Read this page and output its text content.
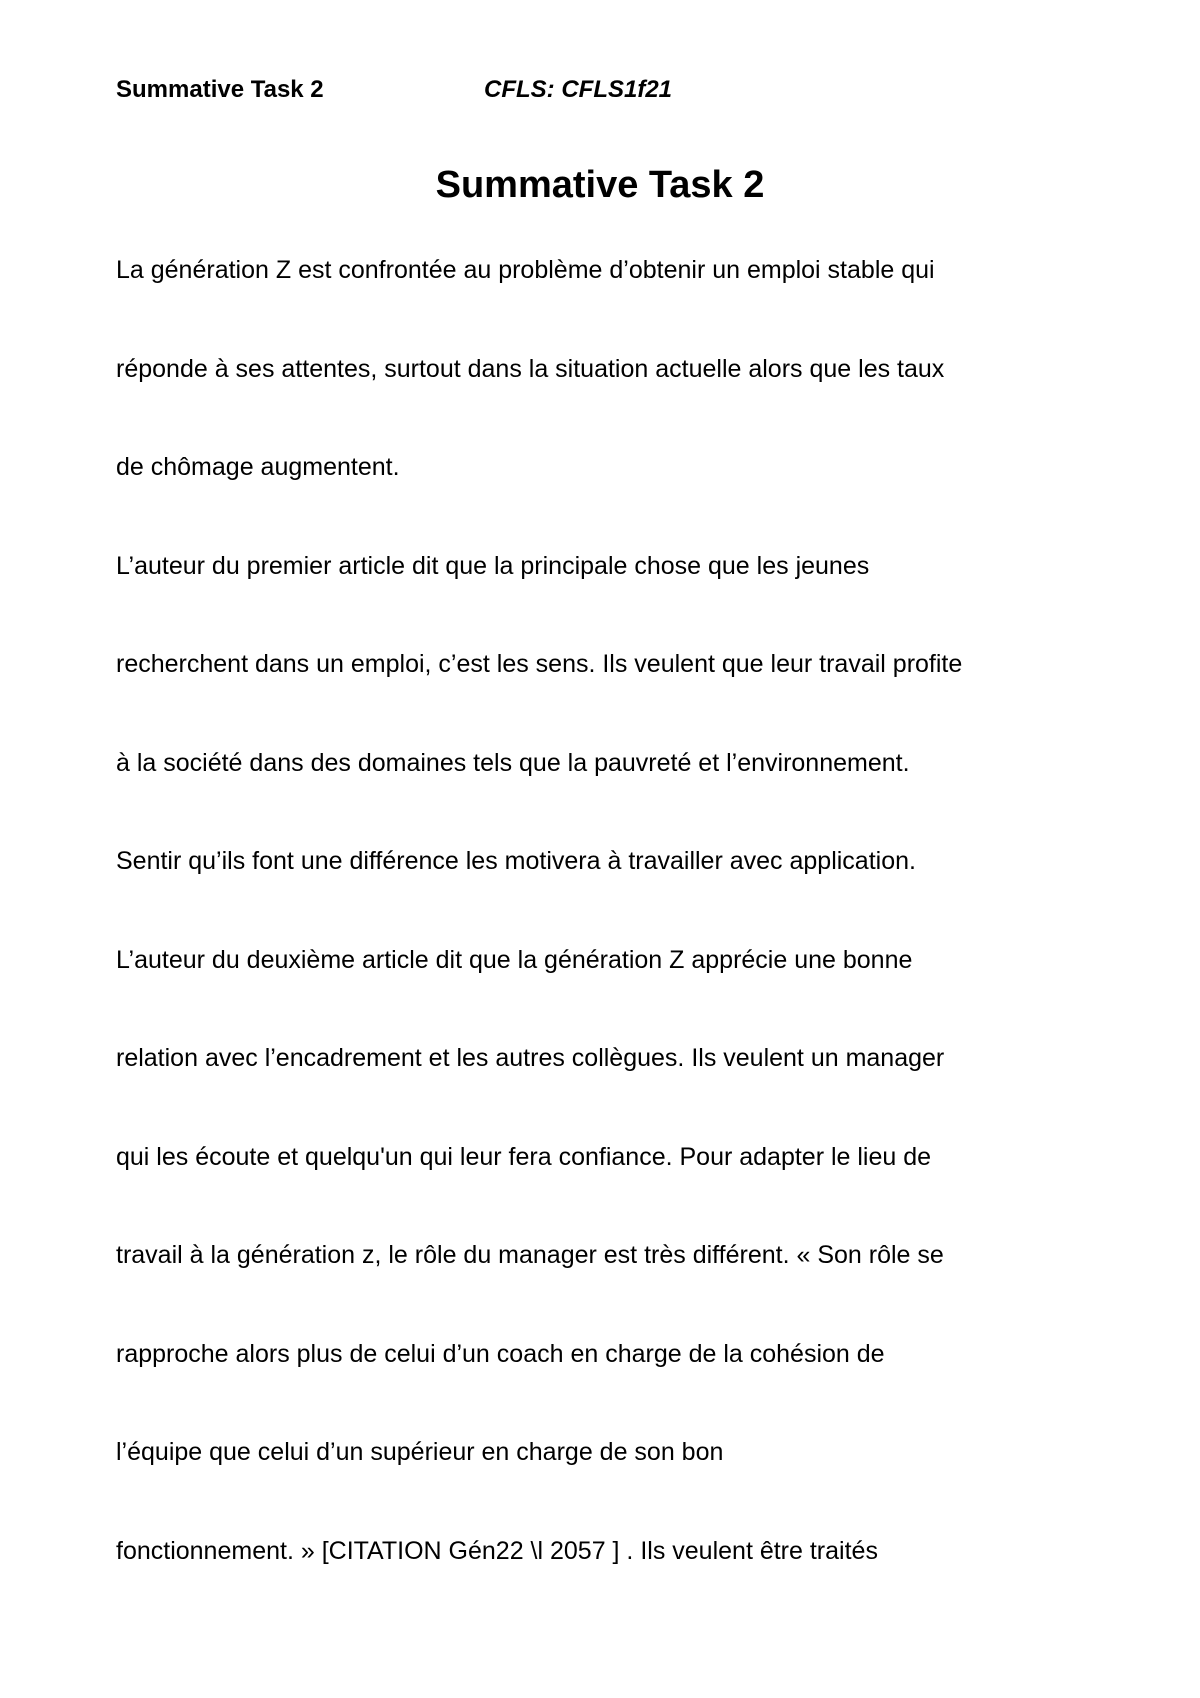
Summative Task 2	CFLS: CFLS1f21
Summative Task 2
La génération Z est confrontée au problème d’obtenir un emploi stable qui
réponde à ses attentes, surtout dans la situation actuelle alors que les taux
de chômage augmentent.
L’auteur du premier article dit que la principale chose que les jeunes
recherchent dans un emploi, c’est les sens. Ils veulent que leur travail profite
à la société dans des domaines tels que la pauvreté et l’environnement.
Sentir qu’ils font une différence les motivera à travailler avec application.
L’auteur du deuxième article dit que la génération Z apprécie une bonne
relation avec l’encadrement et les autres collègues. Ils veulent un manager
qui les écoute et quelqu'un qui leur fera confiance. Pour adapter le lieu de
travail à la génération z, le rôle du manager est très différent. « Son rôle se
rapproche alors plus de celui d’un coach en charge de la cohésion de
l’équipe que celui d’un supérieur en charge de son bon
fonctionnement. » [CITATION Gén22 \l 2057 ] . Ils veulent être traités
